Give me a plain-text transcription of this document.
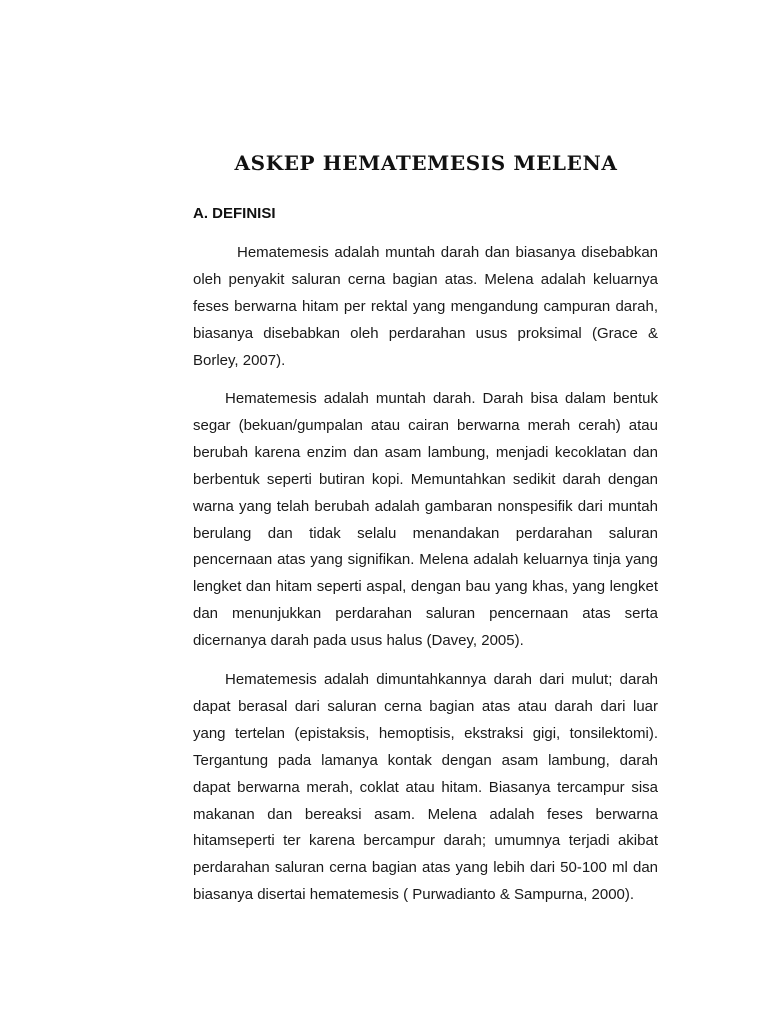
ASKEP HEMATEMESIS MELENA
A. DEFINISI

Hematemesis adalah muntah darah dan biasanya disebabkan oleh penyakit saluran cerna bagian atas. Melena adalah keluarnya feses berwarna hitam per rektal yang mengandung campuran darah, biasanya disebabkan oleh perdarahan usus proksimal (Grace & Borley, 2007).

Hematemesis adalah muntah darah. Darah bisa dalam bentuk segar (bekuan/gumpalan atau cairan berwarna merah cerah) atau berubah karena enzim dan asam lambung, menjadi kecoklatan dan berbentuk seperti butiran kopi. Memuntahkan sedikit darah dengan warna yang telah berubah adalah gambaran nonspesifik dari muntah berulang dan tidak selalu menandakan perdarahan saluran pencernaan atas yang signifikan. Melena adalah keluarnya tinja yang lengket dan hitam seperti aspal, dengan bau yang khas, yang lengket dan menunjukkan perdarahan saluran pencernaan atas serta dicernanya darah pada usus halus (Davey, 2005).

Hematemesis adalah dimuntahkannya darah dari mulut; darah dapat berasal dari saluran cerna bagian atas atau darah dari luar yang tertelan (epistaksis, hemoptisis, ekstraksi gigi, tonsilektomi). Tergantung pada lamanya kontak dengan asam lambung, darah dapat berwarna merah, coklat atau hitam. Biasanya tercampur sisa makanan dan bereaksi asam. Melena adalah feses berwarna hitamseperti ter karena bercampur darah; umumnya terjadi akibat perdarahan saluran cerna bagian atas yang lebih dari 50-100 ml dan biasanya disertai hematemesis ( Purwadianto & Sampurna, 2000).
